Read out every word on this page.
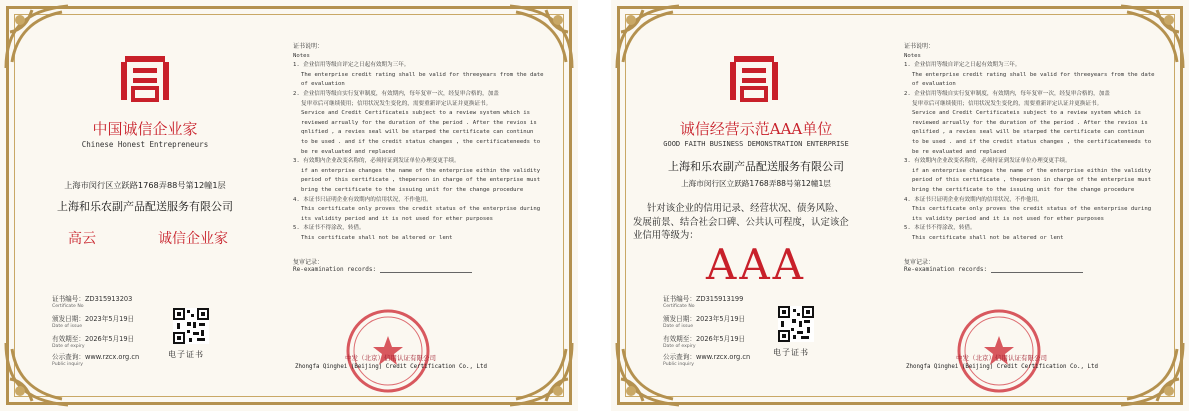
中国诚信企业家
Chinese Honest Entrepreneurs
上海市闵行区立跃路1768弄88号第12幢1层
上海和乐农副产品配送服务有限公司
高云	诚信企业家
证书编号：ZD315913203
Certificate No
颁发日期：2023年5月19日
Date of issue
有效期至：2026年5月19日
Date of expiry
公示查询：www.rzcx.org.cn
Public inquiry
电子证书
证书说明：
Notes
1. 企业信用等级自评定之日起有效期为三年。
The enterprise credit rating shall be valid for threeyears from the date
of evaluation
2. 企业信用等级自实行复审制度，有效期内，每年复审一次，经复审合格的，加盖
复审章后可继续使用；信用状况发生变化的，需要重新评定认证并更换证书。
Service and Credit Certificateis subject to a review system which is
reviewed arrually for the duration of the period . After the revios is
qnlified , a revies seal will be starped the certificate can continun
to be used . and if the credit status changes , the certificateneeds to
be re evaluated and replaced
3. 有效期内企业改变名称的，必须持证到发证单位办理变更手续。
if an enterprise changes the name of the enterprise eithin the validity
period of this certificate , theperson in charge of the enterprise must
bring the certificate to the issuing unit for the change procedure
4. 本证书只证明企业有效期内的信用状况，不作他用。
This certificate only proves the credit status of the enterprise during
its validity period and it is not used for ether purposes
5. 本证书不得涂改，转借。
This certificate shall not be altered or lent
复审记录：
Re-examination records:
中发（北京）信用认证有限公司
Zhongfa Qinghei (Beijing) Credit Certification Co., Ltd
诚信经营示范AAA单位
GOOD FAITH BUSINESS DEMONSTRATION ENTERPRISE
上海和乐农副产品配送服务有限公司
上海市闵行区立跃路1768弄88号第12幢1层
针对该企业的信用记录、经营状况、债务风险、
发展前景、结合社会口碑、公共认可程度，认定该企
业信用等级为：
AAA
证书编号：ZD315913199
Certificate No
颁发日期：2023年5月19日
Date of issue
有效期至：2026年5月19日
Date of expiry
公示查询：www.rzcx.org.cn
Public inquiry
电子证书
证书说明：
Notes
1. 企业信用等级自评定之日起有效期为三年。
The enterprise credit rating shall be valid for threeyears from the date
of evaluation
2. 企业信用等级自实行复审制度，有效期内，每年复审一次，经复审合格的，加盖
复审章后可继续使用；信用状况发生变化的，需要重新评定认证并更换证书。
Service and Credit Certificateis subject to a review system which is
reviewed arrually for the duration of the period . After the revios is
qnlified , a revies seal will be starped the certificate can continun
to be used . and if the credit status changes , the certificateneeds to
be re evaluated and replaced
3. 有效期内企业改变名称的，必须持证到发证单位办理变更手续。
if an enterprise changes the name of the enterprise eithin the validity
period of this certificate , theperson in charge of the enterprise must
bring the certificate to the issuing unit for the change procedure
4. 本证书只证明企业有效期内的信用状况，不作他用。
This certificate only proves the credit status of the enterprise during
its validity period and it is not used for ether purposes
5. 本证书不得涂改，转借。
This certificate shall not be altered or lent
复审记录：
Re-examination records:
中发（北京）信用认证有限公司
Zhongfa Qinghei (Beijing) Credit Certification Co., Ltd
